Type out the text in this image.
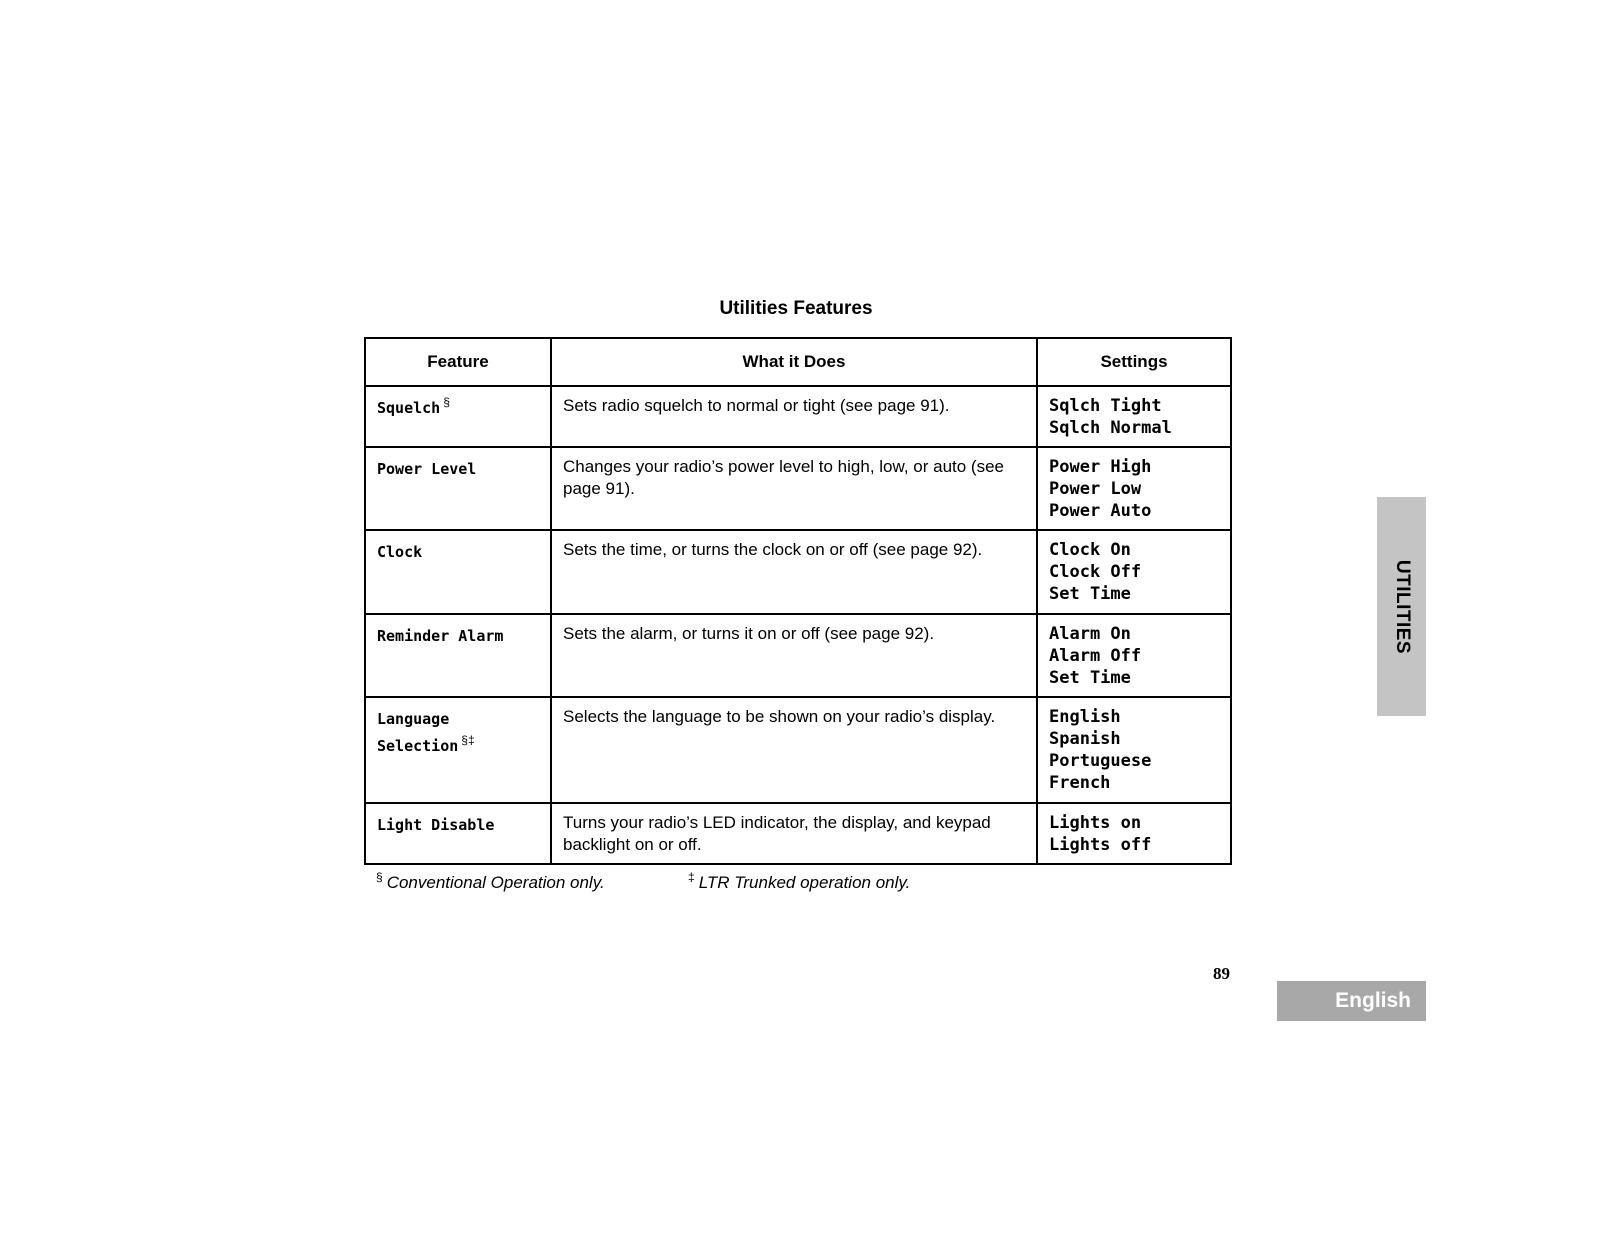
Utilities Features
Feature	What it Does	Settings
Squelch §	Sets radio squelch to normal or tight (see page 91).	Sqlch Tight
Sqlch Normal

Power Level	Changes your radio’s power level to high, low, or auto (see page 91).	Power High
Power Low
Power Auto

Clock	Sets the time, or turns the clock on or off (see page 92).	Clock On
Clock Off
Set Time

Reminder Alarm	Sets the alarm, or turns it on or off (see page 92).	Alarm On
Alarm Off
Set Time

Language Selection §‡	Selects the language to be shown on your radio’s display.	English
Spanish
Portuguese
French

Light Disable	Turns your radio’s LED indicator, the display, and keypad backlight on or off.	Lights on
Lights off
§ Conventional Operation only.	‡ LTR Trunked operation only.
89
UTILITIES
English
